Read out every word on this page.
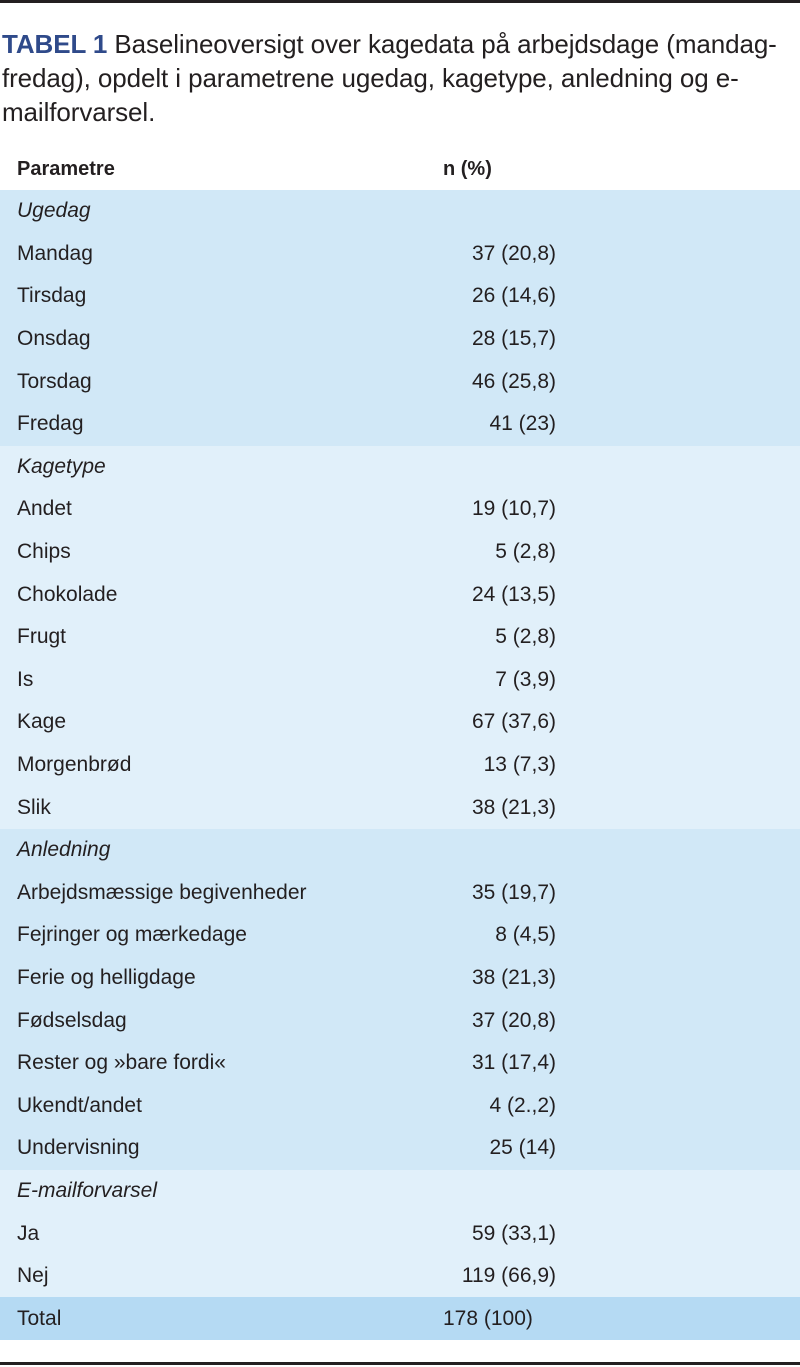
TABEL 1 Baselineoversigt over kagedata på arbejdsdage (mandag-fredag), opdelt i parametrene ugedag, kagetype, anledning og e-mailforvarsel.
Parametre	n (%)
Ugedag
Mandag	37 (20,8)
Tirsdag	26 (14,6)
Onsdag	28 (15,7)
Torsdag	46 (25,8)
Fredag	41 (23)
Kagetype
Andet	19 (10,7)
Chips	5 (2,8)
Chokolade	24 (13,5)
Frugt	5 (2,8)
Is	7 (3,9)
Kage	67 (37,6)
Morgenbrød	13 (7,3)
Slik	38 (21,3)
Anledning
Arbejdsmæssige begivenheder	35 (19,7)
Fejringer og mærkedage	8 (4,5)
Ferie og helligdage	38 (21,3)
Fødselsdag	37 (20,8)
Rester og »bare fordi«	31 (17,4)
Ukendt/andet	4 (2.,2)
Undervisning	25 (14)
E-mailforvarsel
Ja	59 (33,1)
Nej	119 (66,9)
Total	178 (100)
